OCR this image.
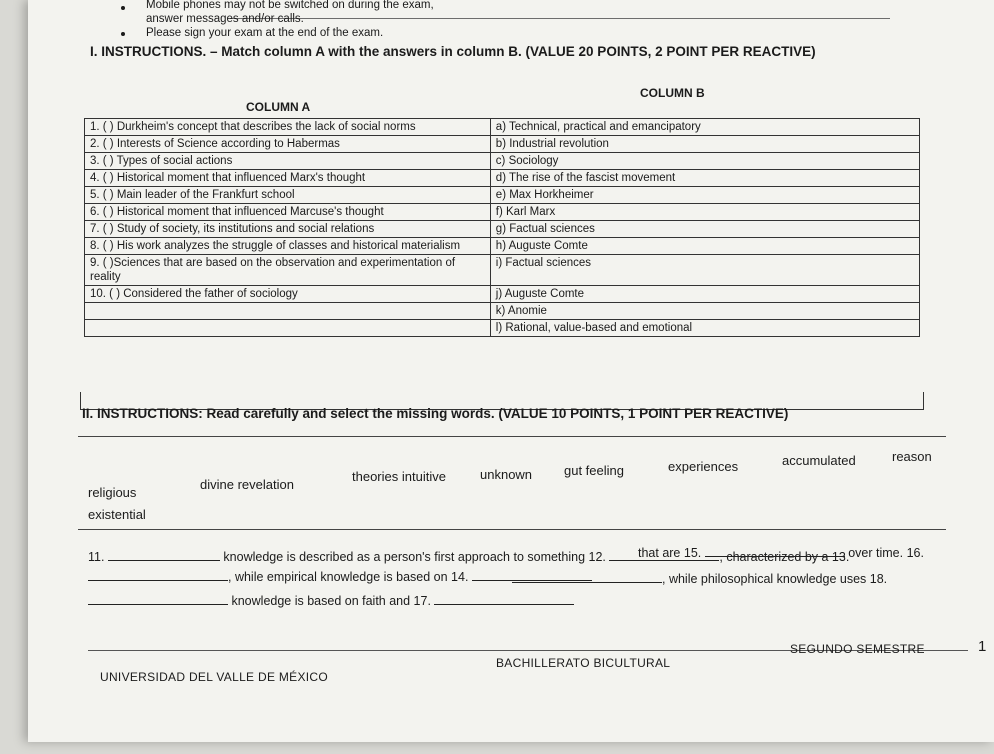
Mobile phones may not be switched on during the exam,
answer messages and/or calls.
Please sign your exam at the end of the exam.
I. INSTRUCTIONS. – Match column A with the answers in column B. (VALUE 20 POINTS, 2 POINT PER REACTIVE)
COLUMN A
COLUMN B
1. ( ) Durkheim's concept that describes the lack of social norms	a) Technical, practical and emancipatory
2. ( ) Interests of Science according to Habermas	b) Industrial revolution
3. ( ) Types of social actions	c) Sociology
4. ( ) Historical moment that influenced Marx's thought	d) The rise of the fascist movement
5. ( ) Main leader of the Frankfurt school	e) Max Horkheimer
6. ( ) Historical moment that influenced Marcuse's thought	f) Karl Marx
7. ( ) Study of society, its institutions and social relations	g) Factual sciences
8. ( ) His work analyzes the struggle of classes and historical materialism	h) Auguste Comte
9. ( )Sciences that are based on the observation and experimentation of reality	i) Factual sciences
10. ( ) Considered the father of sociology	j) Auguste Comte
	k) Anomie
	l) Rational, value-based and emotional
II. INSTRUCTIONS: Read carefully and select the missing words. (VALUE 10 POINTS, 1 POINT PER REACTIVE)
religious
divine revelation
theories intuitive	unknown gut feeling	experiences	accumulated	reason
existential
11.	knowledge is described as a person's first approach to something 12.	, characterized by a 13.

that are 15.	over time. 16.
, while empirical knowledge is based on 14.	, while philosophical knowledge uses 18.
knowledge is based on faith and 17.
UNIVERSIDAD DEL VALLE DE MÉXICO
BACHILLERATO BICULTURAL
SEGUNDO SEMESTRE	1
